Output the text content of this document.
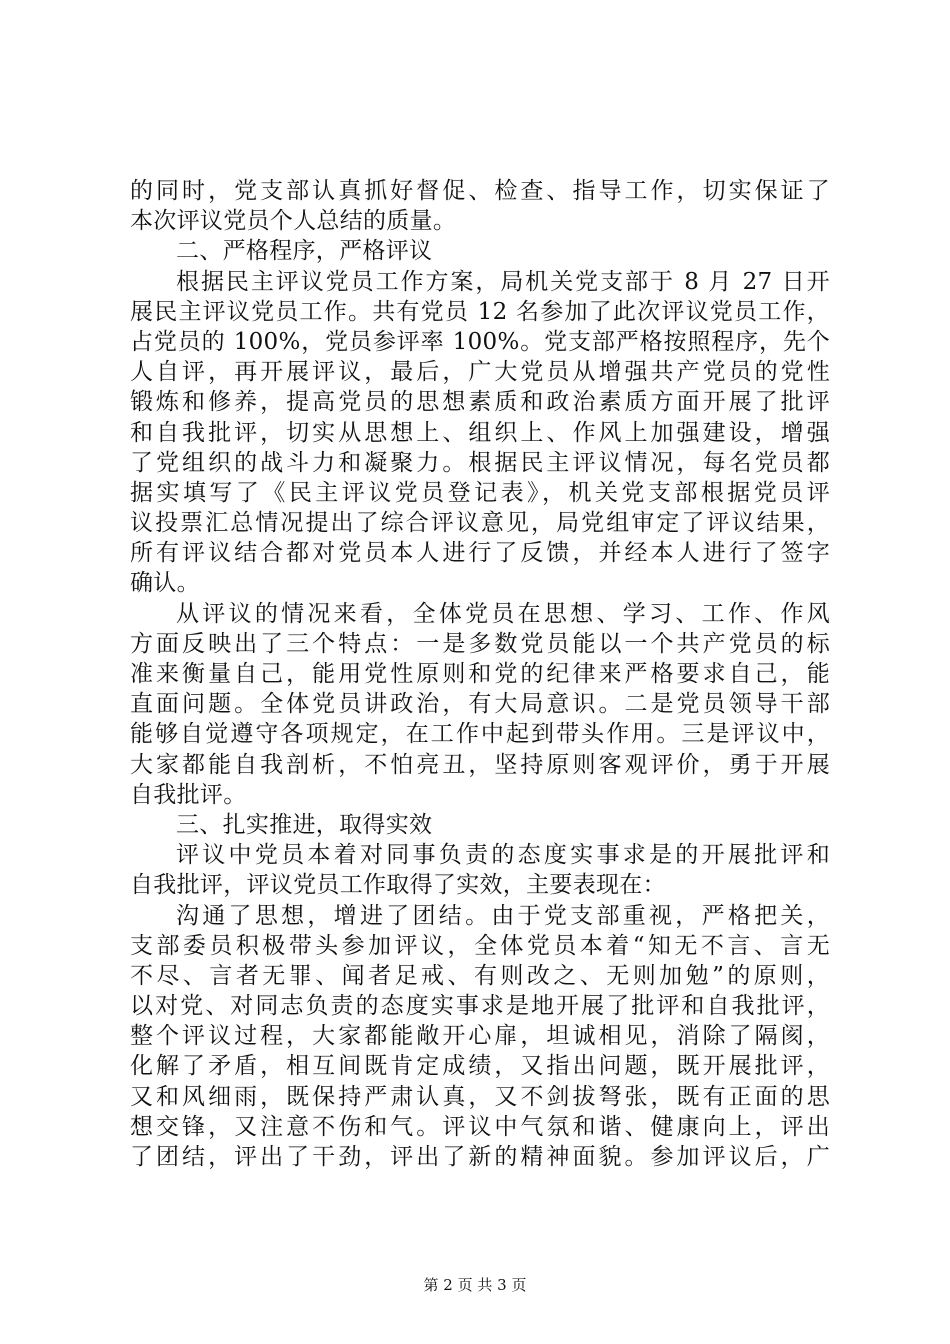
的同时，党支部认真抓好督促、检查、指导工作，切实保证了
本次评议党员个人总结的质量。
二、严格程序，严格评议
根据民主评议党员工作方案，局机关党支部于 8 月 27 日开
展民主评议党员工作。共有党员 12 名参加了此次评议党员工作，
占党员的 100%，党员参评率 100%。党支部严格按照程序，先个
人自评，再开展评议，最后，广大党员从增强共产党员的党性
锻炼和修养，提高党员的思想素质和政治素质方面开展了批评
和自我批评，切实从思想上、组织上、作风上加强建设，增强
了党组织的战斗力和凝聚力。根据民主评议情况，每名党员都
据实填写了《民主评议党员登记表》，机关党支部根据党员评
议投票汇总情况提出了综合评议意见，局党组审定了评议结果，
所有评议结合都对党员本人进行了反馈，并经本人进行了签字
确认。
从评议的情况来看，全体党员在思想、学习、工作、作风
方面反映出了三个特点：一是多数党员能以一个共产党员的标
准来衡量自己，能用党性原则和党的纪律来严格要求自己，能
直面问题。全体党员讲政治，有大局意识。二是党员领导干部
能够自觉遵守各项规定，在工作中起到带头作用。三是评议中，
大家都能自我剖析，不怕亮丑，坚持原则客观评价，勇于开展
自我批评。
三、扎实推进，取得实效
评议中党员本着对同事负责的态度实事求是的开展批评和
自我批评，评议党员工作取得了实效，主要表现在：
沟通了思想，增进了团结。由于党支部重视，严格把关，
支部委员积极带头参加评议，全体党员本着“知无不言、言无
不尽、言者无罪、闻者足戒、有则改之、无则加勉”的原则，
以对党、对同志负责的态度实事求是地开展了批评和自我批评，
整个评议过程，大家都能敞开心扉，坦诚相见，消除了隔阂，
化解了矛盾，相互间既肯定成绩，又指出问题，既开展批评，
又和风细雨，既保持严肃认真，又不剑拔弩张，既有正面的思
想交锋，又注意不伤和气。评议中气氛和谐、健康向上，评出
了团结，评出了干劲，评出了新的精神面貌。参加评议后，广
第 2 页 共 3 页
